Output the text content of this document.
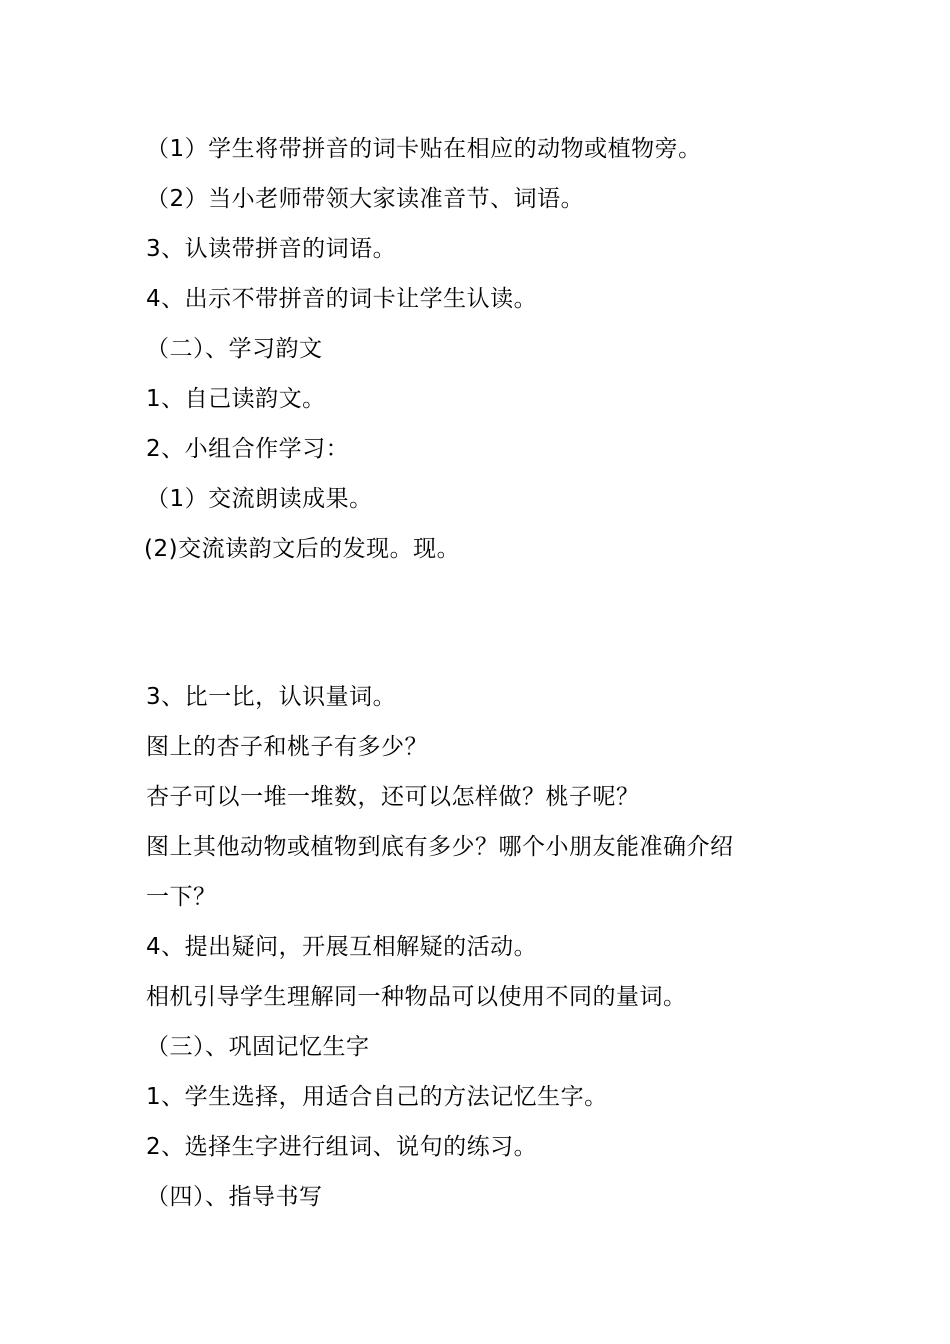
（1）学生将带拼音的词卡贴在相应的动物或植物旁。
（2）当小老师带领大家读准音节、词语。
3、认读带拼音的词语。
4、出示不带拼音的词卡让学生认读。
（二）、学习韵文
1、自己读韵文。
2、小组合作学习：
（1）交流朗读成果。
(2)交流读韵文后的发现。现。
3、比一比，认识量词。
图上的杏子和桃子有多少？
杏子可以一堆一堆数，还可以怎样做？桃子呢？
图上其他动物或植物到底有多少？哪个小朋友能准确介绍
一下？
4、提出疑问，开展互相解疑的活动。
相机引导学生理解同一种物品可以使用不同的量词。
（三）、巩固记忆生字
1、学生选择，用适合自己的方法记忆生字。
2、选择生字进行组词、说句的练习。
（四）、指导书写
